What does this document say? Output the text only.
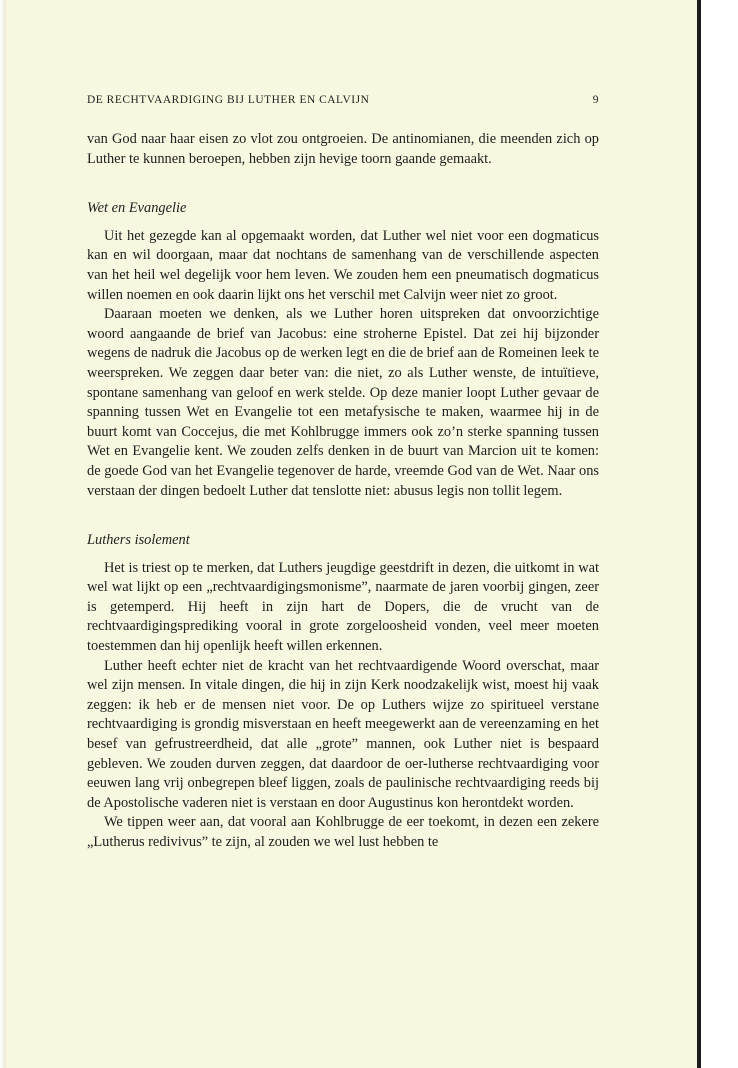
DE RECHTVAARDIGING BIJ LUTHER EN CALVIJN	9

van God naar haar eisen zo vlot zou ontgroeien. De antinomianen, die meenden zich op Luther te kunnen beroepen, hebben zijn hevige toorn gaande gemaakt.

Wet en Evangelie

Uit het gezegde kan al opgemaakt worden, dat Luther wel niet voor een dogmaticus kan en wil doorgaan, maar dat nochtans de samenhang van de verschillende aspecten van het heil wel degelijk voor hem leven. We zouden hem een pneumatisch dogmaticus willen noemen en ook daarin lijkt ons het verschil met Calvijn weer niet zo groot.

Daaraan moeten we denken, als we Luther horen uitspreken dat onvoorzichtige woord aangaande de brief van Jacobus: eine stroherne Epistel. Dat zei hij bijzonder wegens de nadruk die Jacobus op de werken legt en die de brief aan de Romeinen leek te weerspreken. We zeggen daar beter van: die niet, zo als Luther wenste, de intuïtieve, spontane samenhang van geloof en werk stelde. Op deze manier loopt Luther gevaar de spanning tussen Wet en Evangelie tot een metafysische te maken, waarmee hij in de buurt komt van Coccejus, die met Kohlbrugge immers ook zo’n sterke spanning tussen Wet en Evangelie kent. We zouden zelfs denken in de buurt van Marcion uit te komen: de goede God van het Evangelie tegenover de harde, vreemde God van de Wet. Naar ons verstaan der dingen bedoelt Luther dat tenslotte niet: abusus legis non tollit legem.

Luthers isolement

Het is triest op te merken, dat Luthers jeugdige geestdrift in dezen, die uitkomt in wat wel wat lijkt op een „rechtvaardigingsmonisme”, naarmate de jaren voorbij gingen, zeer is getemperd. Hij heeft in zijn hart de Dopers, die de vrucht van de rechtvaardigingsprediking vooral in grote zorgeloosheid vonden, veel meer moeten toestemmen dan hij openlijk heeft willen erkennen.

Luther heeft echter niet de kracht van het rechtvaardigende Woord overschat, maar wel zijn mensen. In vitale dingen, die hij in zijn Kerk noodzakelijk wist, moest hij vaak zeggen: ik heb er de mensen niet voor. De op Luthers wijze zo spiritueel verstane rechtvaardiging is grondig misverstaan en heeft meegewerkt aan de vereenzaming en het besef van gefrustreerdheid, dat alle „grote” mannen, ook Luther niet is bespaard gebleven. We zouden durven zeggen, dat daardoor de oer-lutherse rechtvaardiging voor eeuwen lang vrij onbegrepen bleef liggen, zoals de paulinische rechtvaardiging reeds bij de Apostolische vaderen niet is verstaan en door Augustinus kon herontdekt worden.

We tippen weer aan, dat vooral aan Kohlbrugge de eer toekomt, in dezen een zekere „Lutherus redivivus” te zijn, al zouden we wel lust hebben te
